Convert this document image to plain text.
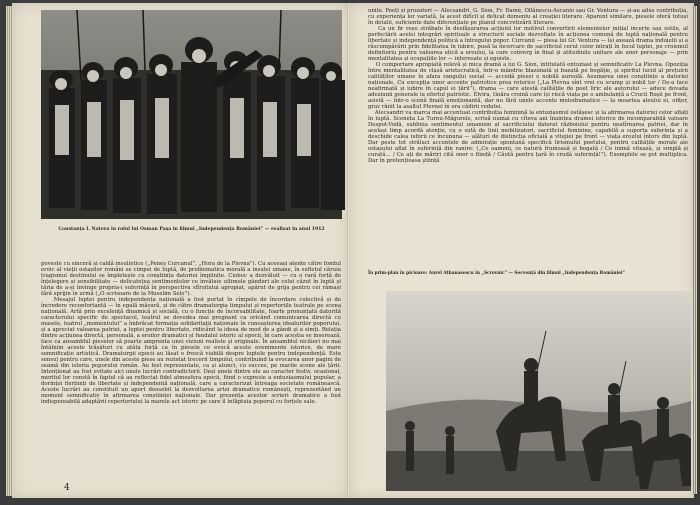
Constanța I. Nateva in rolul lui Osman Pașa in filmul „Independența României” — realizat in anul 1912
poveste cu sinceră și caldă insulietice („Peneș Curcanul”, „Hora de la Plevna”). Cu aceeași atente către fondul eroic al vieții ostașilor români se cimpei de luptă, de problematica morală a insulei umane, în sufletul căruia tragismul destinului se împletește cu conștiința datoriei împlinite. Ciobuc a dezvăluit — cu o rară forță de înțelegere și sensibilitate — delicatețea sentimentelor ce învăluie ultimele gânduri ale celui căzut în luptă și tăria de a-și învinge propria-i suferință în perspectiva sfîrșitului apropiat, apărut de grija pentru cei rămași fără sprijin în urmă („O scrisoare de la Muselim Selo”).
Mesajul luptei pentru independența națională a fost purtat în cîmpele de încordare colectivă și de încredere reconfortantă — în egală măsură, și de către dramaturgia timpului și repertoriile teatrale pe scena națională. Artă prin excelență dinamică și socială, cu o funcție de încorsabilitate, foarte pronunțată datorită caracterului specific de spectacol, teatrul se dovedea mai pregnant ca oricând comunicarea directă cu masele, teatrul „momentului” a îmbrăcat formația solidaritații naționale în cunoașterea idealurilor poporului, și a apreciat valoarea patriei, a luptei pentru libertate, ridicând la ideea de mod de a gândi și a simți. Relația dintre acțiunea directă, personală, a eroilor dramatici și fundalul istoric al epocii, în care aceștia se inserează, face ca ansamblul pieselor să poarte amprenta unei viziuni realiste și originale. În ansamblul nicăieri nu mai întâlnim aceste trăsături cu atâta forță ca în piesele ce evocă aceste evenimente istorice, de mare semnificație artistică. Dramaturgii epocii au lăsat o frescă viabilă despre luptele pentru independență. Este sensul pentru care, unele din aceste piese au rezistat trecerii timpului, contribuind la evocarea unor pagini de seamă din istoria poporului român. Au fost reprezentate, ca și atunci, cu succes, pe marile scene ale țării. Intenționat au fost evitate aici unele lucrări contradictorii. Deși unele dintre ele au caracter festiv, ocazional, meritul lor constă în faptul că au reflectat fidel atmosfera epocii, fiind o expresie a entuziasmului popular, a dorinței fierbinți de libertate și independență națională, care a caracterizat întreaga societate românească. Aceste lucrări au constituit un aport deosebit la dezvoltarea artei dramatice românești, reprezentând un moment semnificativ în afirmarea conștiinței naționale. Dar prezența acestor scrieri dramatice a fost indispensabilă adaptării repertoriului la marele act istoric pe care îl înfăptuia poporul cu forțele sale.
4
unite. Poeți și prozatori — Alecsandri, G. Sion, Fr. Damé, Ollănescu-Ascanio sau Gr. Ventura — și-au adus contribuția, cu experiența lor variată, la acest difícil și delicat domeniu al creației literare. Aparent similare, piesele oferă totuși în detalii, suficiente date diferențiate pe planul concretizării literare.
Ca un fir roșu străbate în desfășurarea acțiunii lor motivul convertirii elementelor inițial incerte sau ostile, al perfectării acelei integrări spirituale a structurii sociale dezvoltate în acțiunea comună de luptă națională pentru libertate și independență politică a întregului popor. Curcanii — piesa lui Gr. Ventura — își axează drama îndoielii și a răscumpărării prin fidelitatea în iubire, pusă la încercare de sacrificiul cerut celor intrați în focul luptei, pe croismul definitoriu pentru valoarea etică a eroului, la care converg în final și atitudinile unitare ale unor personaje — prin mentalitatea și ocupațiile lor — interesate și egoiste.
O comportare apropiată relevă și mica dramă a lui G. Sion, intitulată entuziast și semnificativ La Plevna. Opoziția între mentalitatea de clasă aristocratică, într-o mândrie blazonată și bazată pe bogăție, și spiritul lucid al prețuirii calităților umane în afara rangului social — accedă piesei o nobilă aureolă. Asumarea unei conștiințe a datoriei naționale, Cu excepția unor accente patriotice prea retorice („La Plevna sînt vrei cu scump și nobil lor / De-a face neafirmată și iubire în capul ei țării”), drama — care atestă calitățile de poet liric ale autorului — aduce dovada adeziunii generale la efortul patriotic. Elvira, tînăra croină care își riscă viața pe o ambulanță a Crucii Roșii pe front, asistă — într-o scenă finală emoționantă, dar nu fără unele accente melodramatice — la moartea aleului ei, ofițer, grav rănit la asaltul Plevnei în ora cădirii redutei.
Alecsandri va marca mai accentuat contribuția feminină la entuziasmul ostășesc și la afirmarea datoriei celor aflați în luptă. Sceneta La Turnu-Măgurele, scrisă numai cu cîteva ani înaintea dramei istorice de incomparabilă valoare Despot-Vodă, sublinia sentimentul umanism al sacrificiului datorat războiului pentru neatîrnarea patriei, dar în același timp acordă atenție, cu o sută de linii mobilizatori, sacrificiul feminine, capabilă a suporta suferința și a deschide calea iubirii ce încununa — alături de distincția oficială a vitejiei pe front — viața eroului întors din luptă. Dar peste tot străluci accentele de admirație spontană specifică lirismului poetului, pentru calitățile morale ale ostașului aflat în suferință din ranire: („Ce oameni, ce natură frumoasă și bogată / Ce inimă viteazà, și simplă și curată... / Ce ați de măriri cită onor o fiindă / Căută pentru țară în crudă suferință!”). Exemplele se pot multiplica. Dar în pretențioasa știință
În prim-plan în picioare: Aurel Athanasescu în „Scrovnic” — Secvență din filmul „Independența României”
